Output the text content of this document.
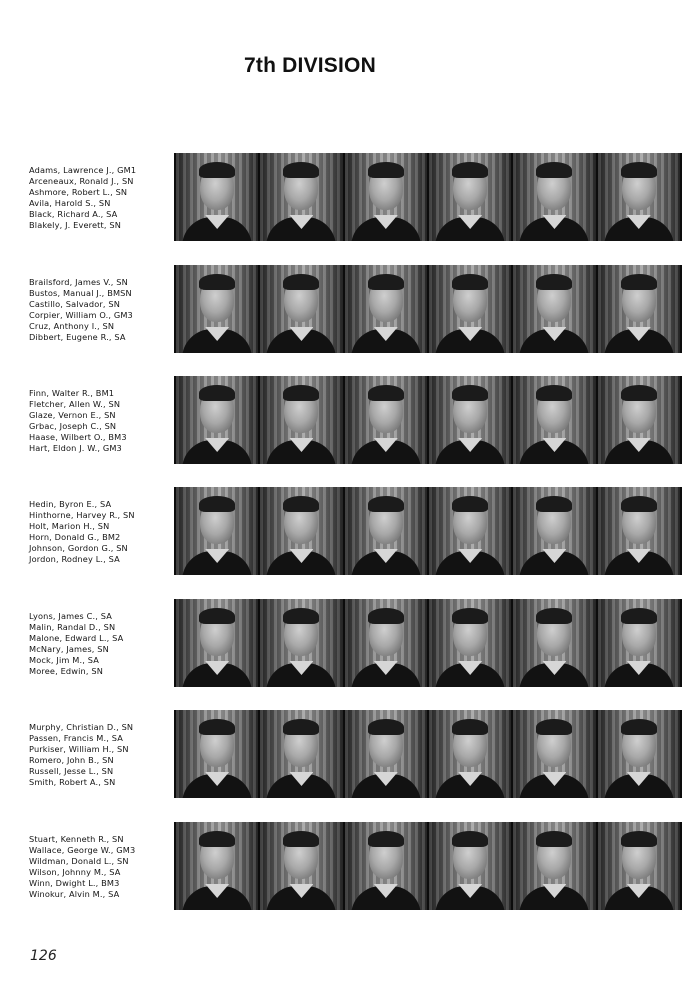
7th DIVISION
Adams, Lawrence J., GM1
Arceneaux, Ronald J., SN
Ashmore, Robert L., SN
Avila, Harold S., SN
Black, Richard A., SA
Blakely, J. Everett, SN
Brailsford, James V., SN
Bustos, Manual J., BMSN
Castillo, Salvador, SN
Corpier, William O., GM3
Cruz, Anthony I., SN
Dibbert, Eugene R., SA
Finn, Walter R., BM1
Fletcher, Allen W., SN
Glaze, Vernon E., SN
Grbac, Joseph C., SN
Haase, Wilbert O., BM3
Hart, Eldon J. W., GM3
Hedin, Byron E., SA
Hinthorne, Harvey R., SN
Holt, Marion H., SN
Horn, Donald G., BM2
Johnson, Gordon G., SN
Jordon, Rodney L., SA
Lyons, James C., SA
Malin, Randal D., SN
Malone, Edward L., SA
McNary, James, SN
Mock, Jim M., SA
Moree, Edwin, SN
Murphy, Christian D., SN
Passen, Francis M., SA
Purkiser, William H., SN
Romero, John B., SN
Russell, Jesse L., SN
Smith, Robert A., SN
Stuart, Kenneth R., SN
Wallace, George W., GM3
Wildman, Donald L., SN
Wilson, Johnny M., SA
Winn, Dwight L., BM3
Winokur, Alvin M., SA
126
